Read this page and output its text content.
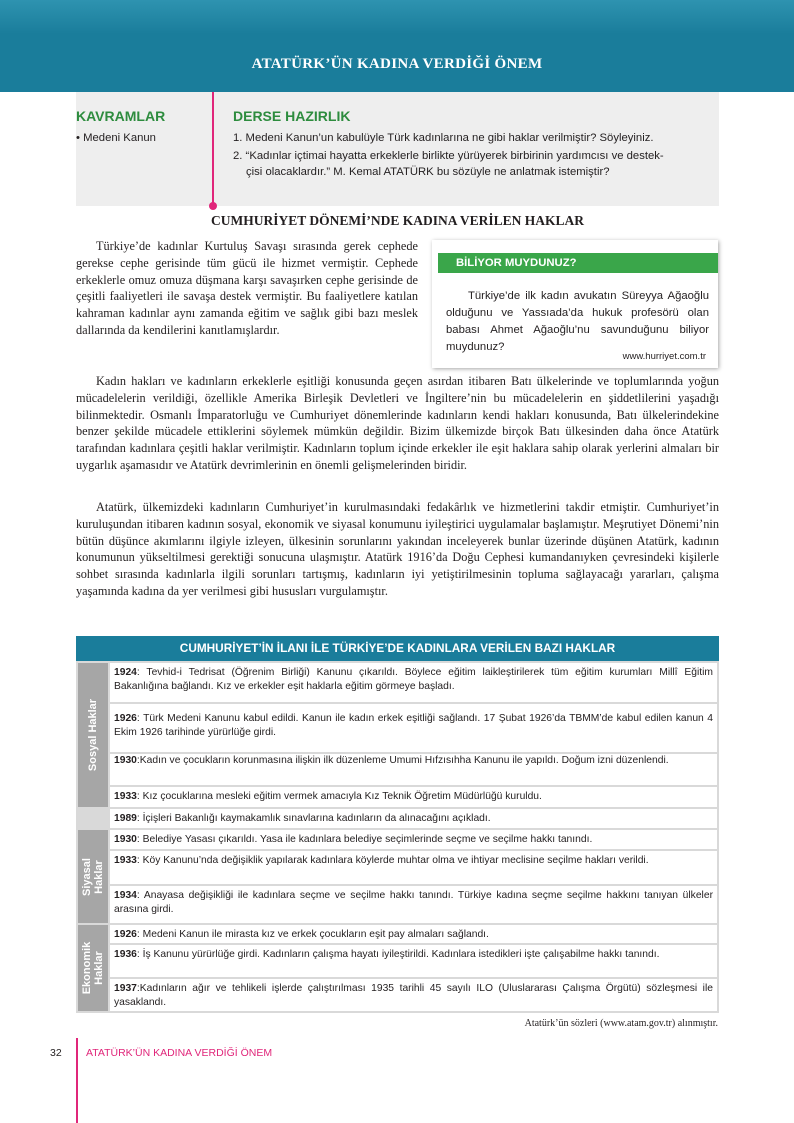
ATATÜRK’ÜN KADINA VERDİĞİ ÖNEM
KAVRAMLAR
• Medeni Kanun
DERSE HAZIRLIK
1. Medeni Kanun’un kabulüyle Türk kadınlarına ne gibi haklar verilmiştir? Söyleyiniz.
2. “Kadınlar içtimai hayatta erkeklerle birlikte yürüyerek birbirinin yardımcısı ve destek-
çisi olacaklardır.” M. Kemal ATATÜRK bu sözüyle ne anlatmak istemiştir?
CUMHURİYET DÖNEMİ’NDE KADINA VERİLEN HAKLAR

Türkiye’de kadınlar Kurtuluş Savaşı sırasında gerek cephede gerekse cephe gerisinde tüm gücü ile hizmet vermiştir. Cephede erkeklerle omuz omuza düşmana karşı savaşırken cephe gerisinde de çeşitli faaliyetleri ile savaşa destek vermiştir. Bu faaliyetlere katılan kahraman kadınlar aynı zamanda eğitim ve sağlık gibi bazı meslek dallarında da kendilerini kanıtlamışlardır.

Kadın hakları ve kadınların erkeklerle eşitliği konusunda geçen asırdan itibaren Batı ülkelerinde ve toplumlarında yoğun mücadelelerin verildiği, özellikle Amerika Birleşik Devletleri ve İngiltere’nin bu mücadelelerin en şiddetlilerini yaşadığı bilinmektedir. Osmanlı İmparatorluğu ve Cumhuriyet dönemlerinde kadınların kendi hakları konusunda, Batı ülkelerindekine benzer şekilde mücadele ettiklerini söylemek mümkün değildir. Bizim ülkemizde birçok Batı ülkesinden daha önce Atatürk tarafından kadınlara çeşitli haklar verilmiştir. Kadınların toplum içinde erkekler ile eşit haklara sahip olarak yerlerini almaları bir uygarlık aşamasıdır ve Atatürk devrimlerinin en önemli gelişmelerinden biridir.

Atatürk, ülkemizdeki kadınların Cumhuriyet’in kurulmasındaki fedakârlık ve hizmetlerini takdir etmiştir. Cumhuriyet’in kuruluşundan itibaren kadının sosyal, ekonomik ve siyasal konumunu iyileştirici uygulamalar başlamıştır. Meşrutiyet Dönemi’nin bütün düşünce akımlarını ilgiyle izleyen, ülkesinin sorunlarını yakından inceleyerek bunlar üzerinde düşünen Atatürk, kadının konumunun yükseltilmesi gerektiği sonucuna ulaşmıştır. Atatürk 1916’da Doğu Cephesi kumandanıyken çevresindeki kişilerle sohbet sırasında kadınlarla ilgili sorunları tartışmış, kadınların iyi yetiştirilmesinin topluma sağlayacağı yararları, çalışma yaşamında kadına da yer verilmesi gibi hususları vurgulamıştır.

BİLİYOR MUYDUNUZ?

Türkiye’de ilk kadın avukatın Süreyya Ağaoğlu olduğunu ve Yassıada’da hukuk profesörü olan babası Ahmet Ağaoğlu’nu savunduğunu biliyor muydunuz?

www.hurriyet.com.tr
CUMHURİYET’İN İLANI İLE TÜRKİYE’DE KADINLARA VERİLEN BAZI HAKLAR
Sosyal Haklar
Siyasal Haklar
Ekonomik Haklar
1924: Tevhid-i Tedrisat (Öğrenim Birliği) Kanunu çıkarıldı. Böylece eğitim laikleştirilerek tüm eğitim kurumları Millî Eğitim Bakanlığına bağlandı. Kız ve erkekler eşit haklarla eğitim görmeye başladı.
1926: Türk Medeni Kanunu kabul edildi. Kanun ile kadın erkek eşitliği sağlandı. 17 Şubat 1926’da TBMM’de kabul edilen kanun 4 Ekim 1926 tarihinde yürürlüğe girdi.
1930:Kadın ve çocukların korunmasına ilişkin ilk düzenleme Umumi Hıfzısıhha Kanunu ile yapıldı. Doğum izni düzenlendi.
1933: Kız çocuklarına mesleki eğitim vermek amacıyla Kız Teknik Öğretim Müdürlüğü kuruldu.
1989: İçişleri Bakanlığı kaymakamlık sınavlarına kadınların da alınacağını açıkladı.
1930: Belediye Yasası çıkarıldı. Yasa ile kadınlara belediye seçimlerinde seçme ve seçilme hakkı tanındı.
1933: Köy Kanunu’nda değişiklik yapılarak kadınlara köylerde muhtar olma ve ihtiyar meclisine seçilme hakları verildi.
1934: Anayasa değişikliği ile kadınlara seçme ve seçilme hakkı tanındı. Türkiye kadına seçme seçilme hakkını tanıyan ülkeler arasına girdi.
1926: Medeni Kanun ile mirasta kız ve erkek çocukların eşit pay almaları sağlandı.
1936: İş Kanunu yürürlüğe girdi. Kadınların çalışma hayatı iyileştirildi. Kadınlara istedikleri işte çalışabilme hakkı tanındı.
1937:Kadınların ağır ve tehlikeli işlerde çalıştırılması 1935 tarihli 45 sayılı ILO (Uluslararası Çalışma Örgütü) sözleşmesi ile yasaklandı.
Atatürk’ün sözleri (www.atam.gov.tr) alınmıştır.
32 ATATÜRK’ÜN KADINA VERDİĞİ ÖNEM
